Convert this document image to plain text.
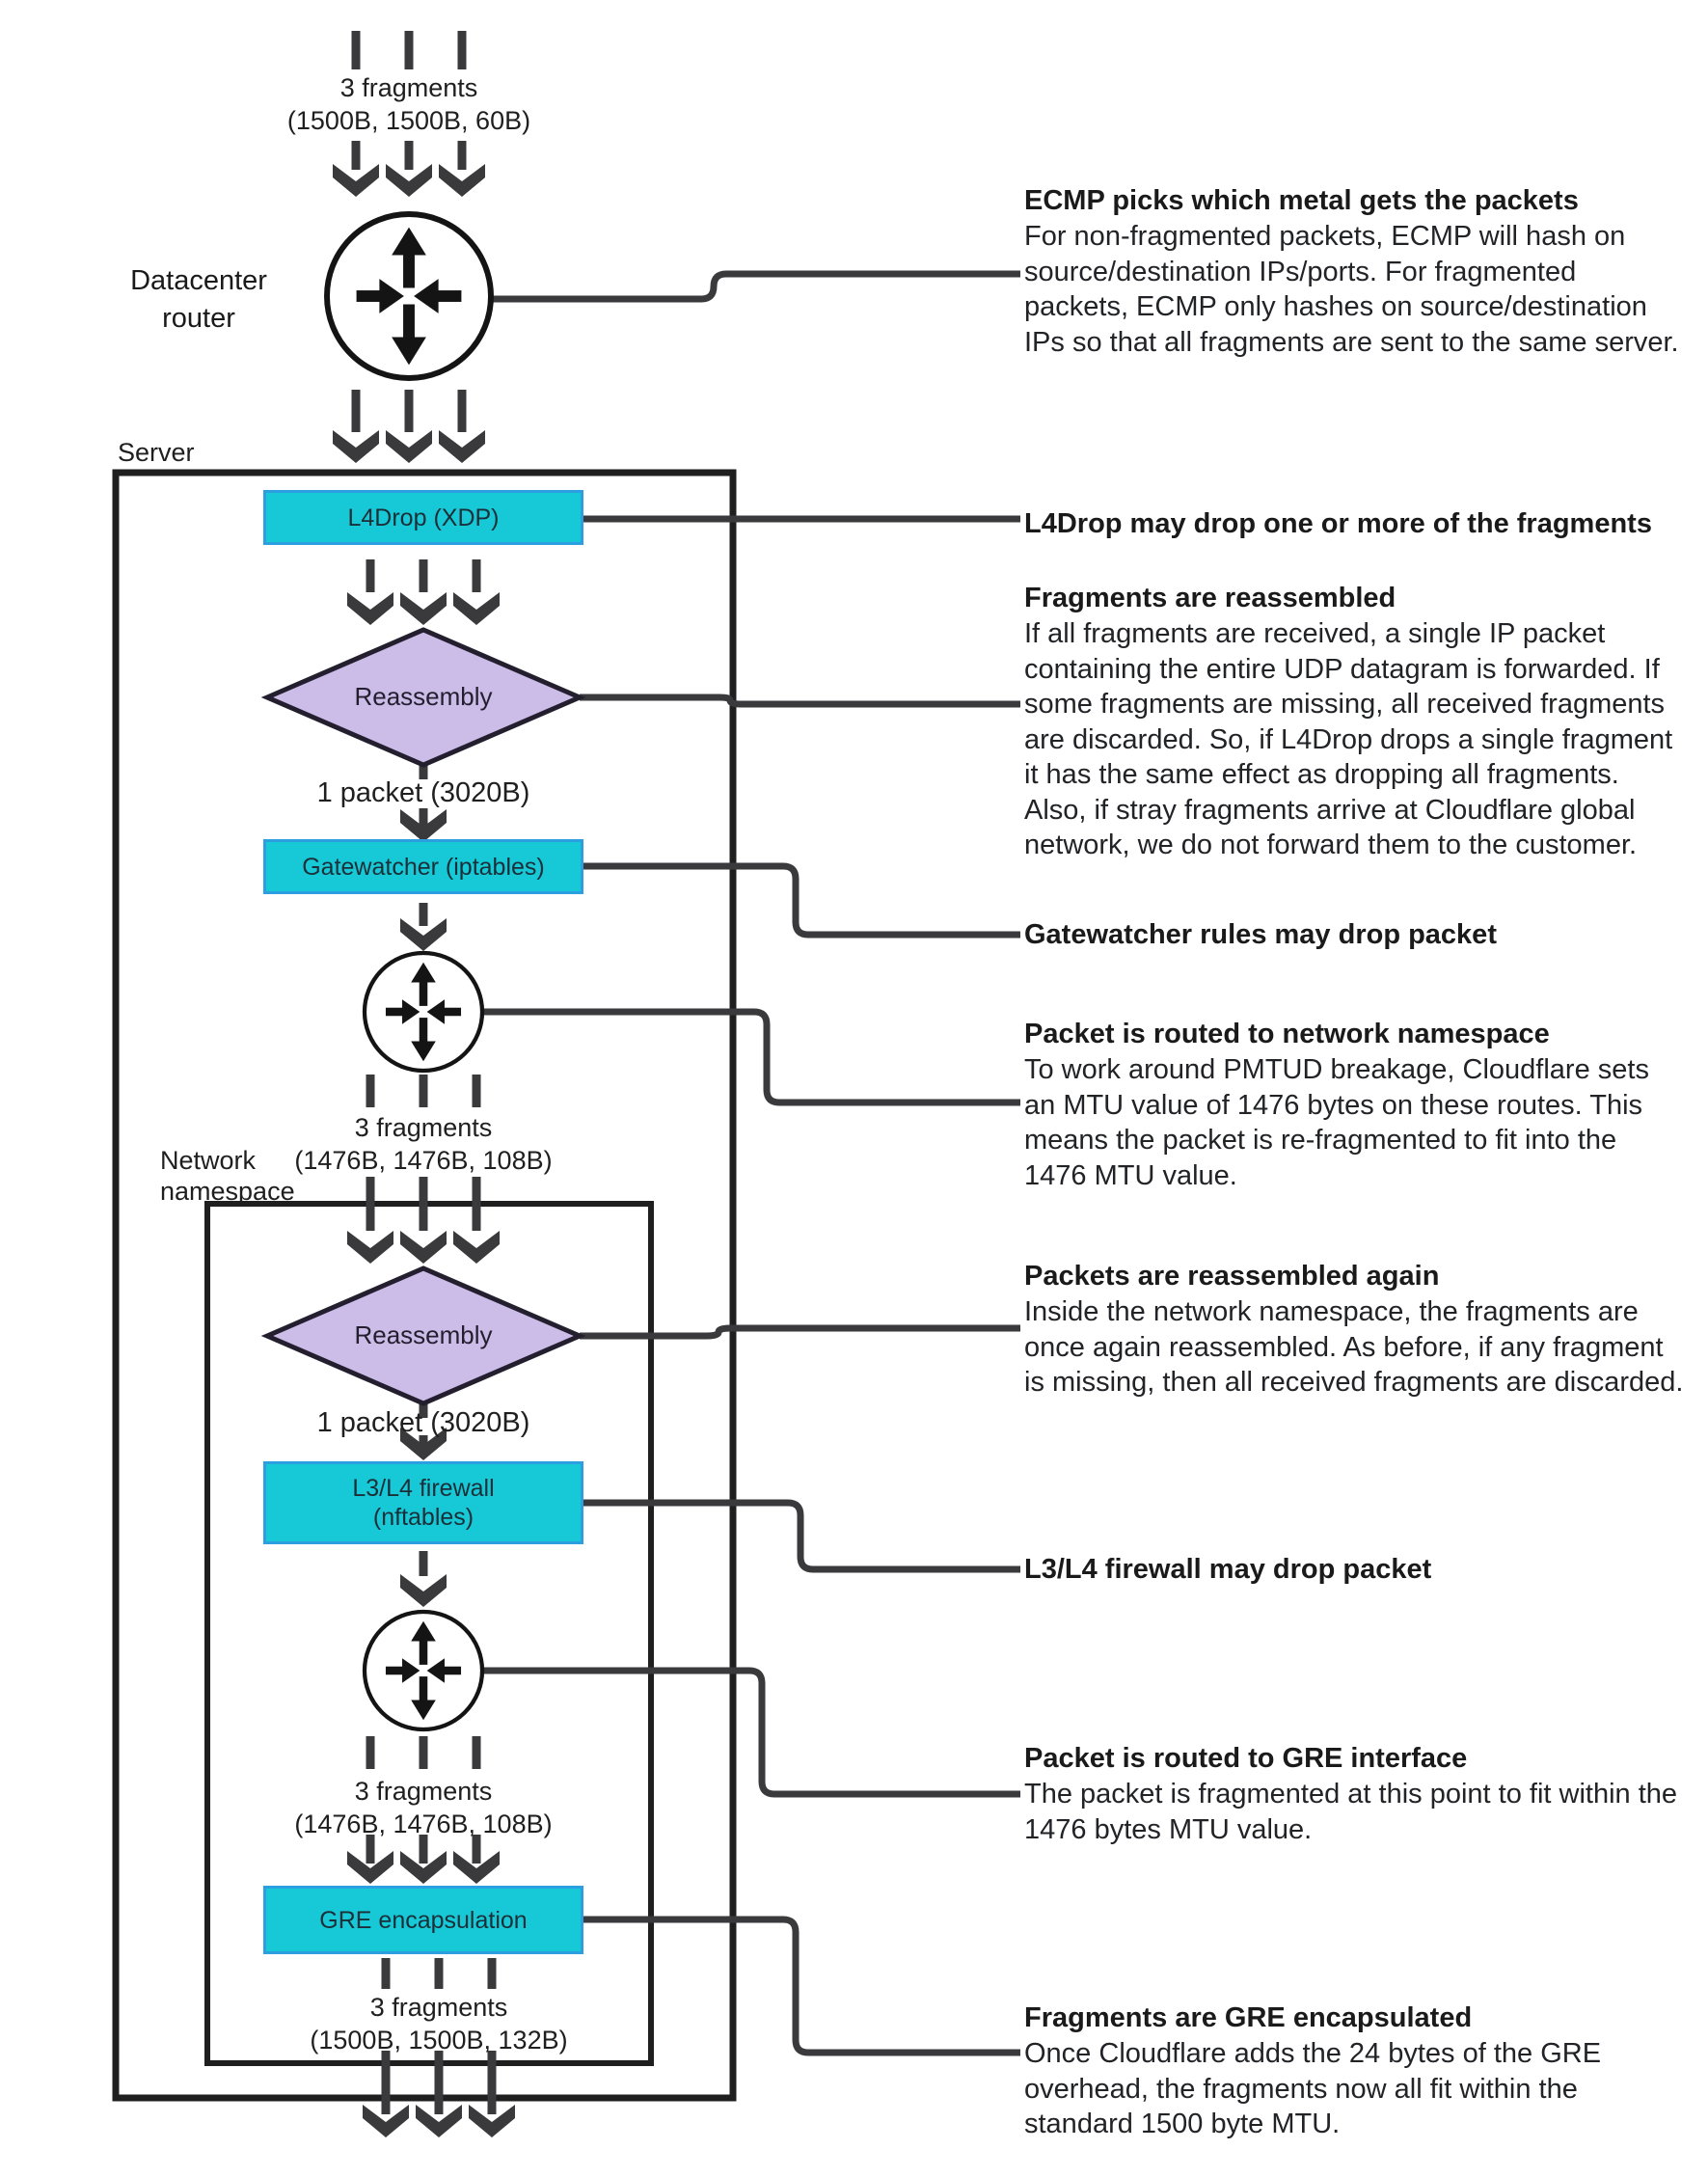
3 fragments
(1500B, 1500B, 60B)
Datacenter router
Server
L4Drop (XDP)
Reassembly
1 packet (3020B)
Gatewatcher (iptables)
3 fragments
(1476B, 1476B, 108B)
Network
namespace
Reassembly
1 packet (3020B)
L3/L4 firewall
(nftables)
3 fragments
(1476B, 1476B, 108B)
GRE encapsulation
3 fragments
(1500B, 1500B, 132B)
ECMP picks which metal gets the packets
For non-fragmented packets, ECMP will hash on source/destination IPs/ports. For fragmented packets, ECMP only hashes on source/destination IPs so that all fragments are sent to the same server.
L4Drop may drop one or more of the fragments
Fragments are reassembled
If all fragments are received, a single IP packet containing the entire UDP datagram is forwarded. If some fragments are missing, all received fragments are discarded. So, if L4Drop drops a single fragment it has the same effect as dropping all fragments. Also, if stray fragments arrive at Cloudflare global network, we do not forward them to the customer.
Gatewatcher rules may drop packet
Packet is routed to network namespace
To work around PMTUD breakage, Cloudflare sets an MTU value of 1476 bytes on these routes. This means the packet is re-fragmented to fit into the 1476 MTU value.
Packets are reassembled again
Inside the network namespace, the fragments are once again reassembled. As before, if any fragment is missing, then all received fragments are discarded.
L3/L4 firewall may drop packet
Packet is routed to GRE interface
The packet is fragmented at this point to fit within the 1476 bytes MTU value.
Fragments are GRE encapsulated
Once Cloudflare adds the 24 bytes of the GRE overhead, the fragments now all fit within the standard 1500 byte MTU.
